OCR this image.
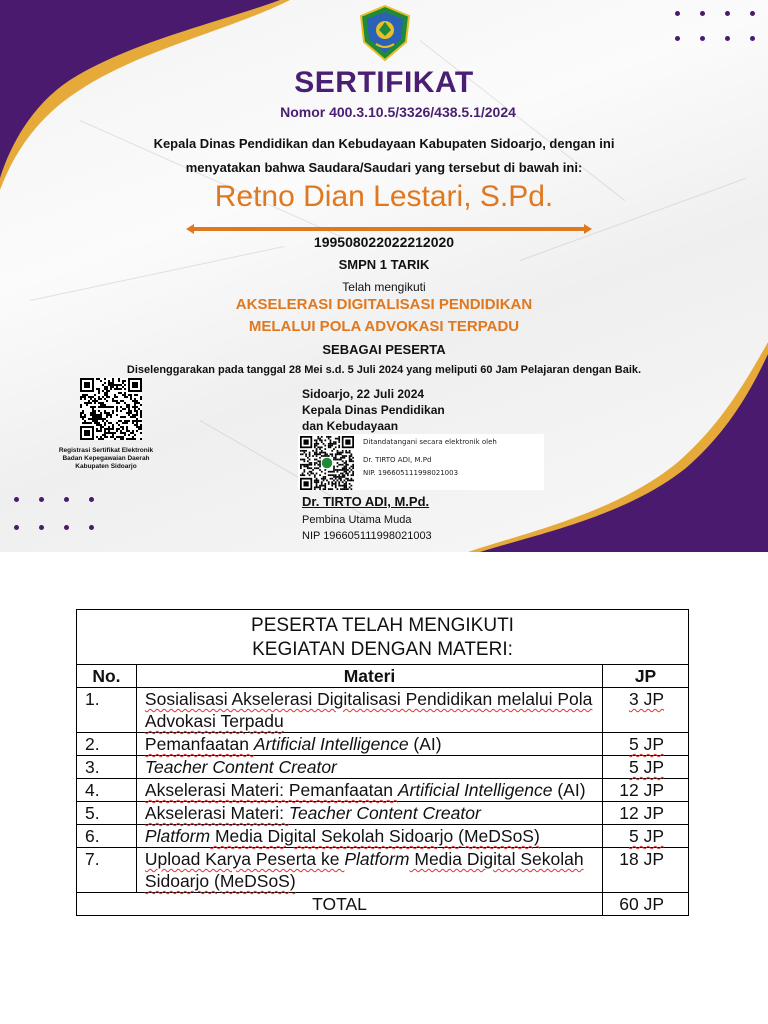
SERTIFIKAT
Nomor 400.3.10.5/3326/438.5.1/2024
Kepala Dinas Pendidikan dan Kebudayaan Kabupaten Sidoarjo, dengan ini
menyatakan bahwa Saudara/Saudari yang tersebut di bawah ini:
Retno Dian Lestari, S.Pd.
199508022022212020
SMPN 1 TARIK
Telah mengikuti
AKSELERASI DIGITALISASI PENDIDIKAN
MELALUI POLA ADVOKASI TERPADU
SEBAGAI PESERTA
Diselenggarakan pada tanggal 28 Mei s.d. 5 Juli 2024 yang meliputi 60 Jam Pelajaran dengan Baik.
Registrasi Sertifikat Elektronik
Badan Kepegawaian Daerah
Kabupaten Sidoarjo
Sidoarjo, 22 Juli 2024
Kepala Dinas Pendidikan
dan Kebudayaan
Ditandatangani secara elektronik oleh
Dr. TIRTO ADI, M.Pd
NIP. 196605111998021003
Dr. TIRTO ADI, M.Pd.
Pembina Utama Muda
NIP 196605111998021003
PESERTA TELAH MENGIKUTI
KEGIATAN DENGAN MATERI:		

No.	Materi	JP
1.	Sosialisasi Akselerasi Digitalisasi Pendidikan melalui Pola Advokasi Terpadu	3 JP
2.	Pemanfaatan Artificial Intelligence (AI)	5 JP
3.	Teacher Content Creator	5 JP
4.	Akselerasi Materi: Pemanfaatan Artificial Intelligence (AI)	12 JP
5.	Akselerasi Materi: Teacher Content Creator	12 JP
6.	Platform Media Digital Sekolah Sidoarjo (MeDSoS)	5 JP
7.	Upload Karya Peserta ke Platform Media Digital Sekolah Sidoarjo (MeDSoS)	18 JP
TOTAL		60 JP
